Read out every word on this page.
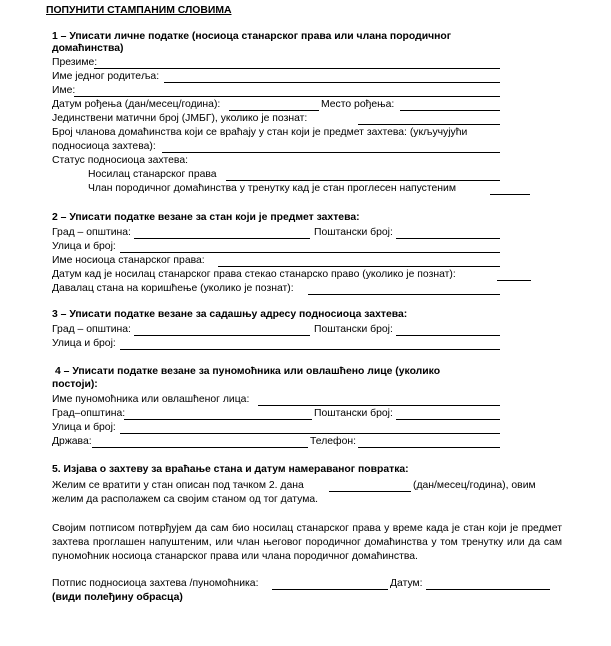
ПОПУНИТИ СТАМПАНИМ СЛОВИМА
1 – Уписати личне податке (носиоца станарског права или члана породичног
домаћинства)
Презиме:
Име једног родитеља:
Име:
Датум рођења (дан/месец/година):	Место рођења:
Јединствени матични број (ЈМБГ), уколико је познат:
Број чланова домаћинства који се враћају у стан који је предмет захтева: (укључујући
подносиоца захтева):
Статус подносиоца захтева:
Носилац станарског права
Члан породичног домаћинства у тренутку кад је стан проглесен напустеним
2 – Уписати податке везане за стан који је предмет захтева:
Град – општина:	Поштански број:
Улица и број:
Име носиоца станарског права:
Датум кад је носилац станарског права стекао станарско право (уколико је познат):
Давалац стана на коришћење (уколико је познат):
3 – Уписати податке везане за садашњу адресу подносиоца захтева:
Град – општина:	Поштански број:
Улица и број:
4 – Уписати податке везане за пуномоћника или овлашћено лице (уколико
постоји):
Име пуномоћника или овлашћеног лица:
Град–општина:	Поштански број:
Улица и број:
Држава:	Телефон:
5. Изјава о захтеву за враћање стана и датум намераваног повратка:
Желим се вратити у стан описан под тачком 2. дана	(дан/месец/година), овим
желим да располажем са својим станом од тог датума.
Својим потписом потврђујем да сам био носилац станарског права у време када је стан који је предмет захтева проглашен напуштеним, или члан његовог породичног домаћинства у том тренутку или да сам пуномоћник носиоца станарског права или члана породичног домаћинства.
Потпис подносиоца захтева /пуномоћника:	Датум:
(види полеђину обрасца)
